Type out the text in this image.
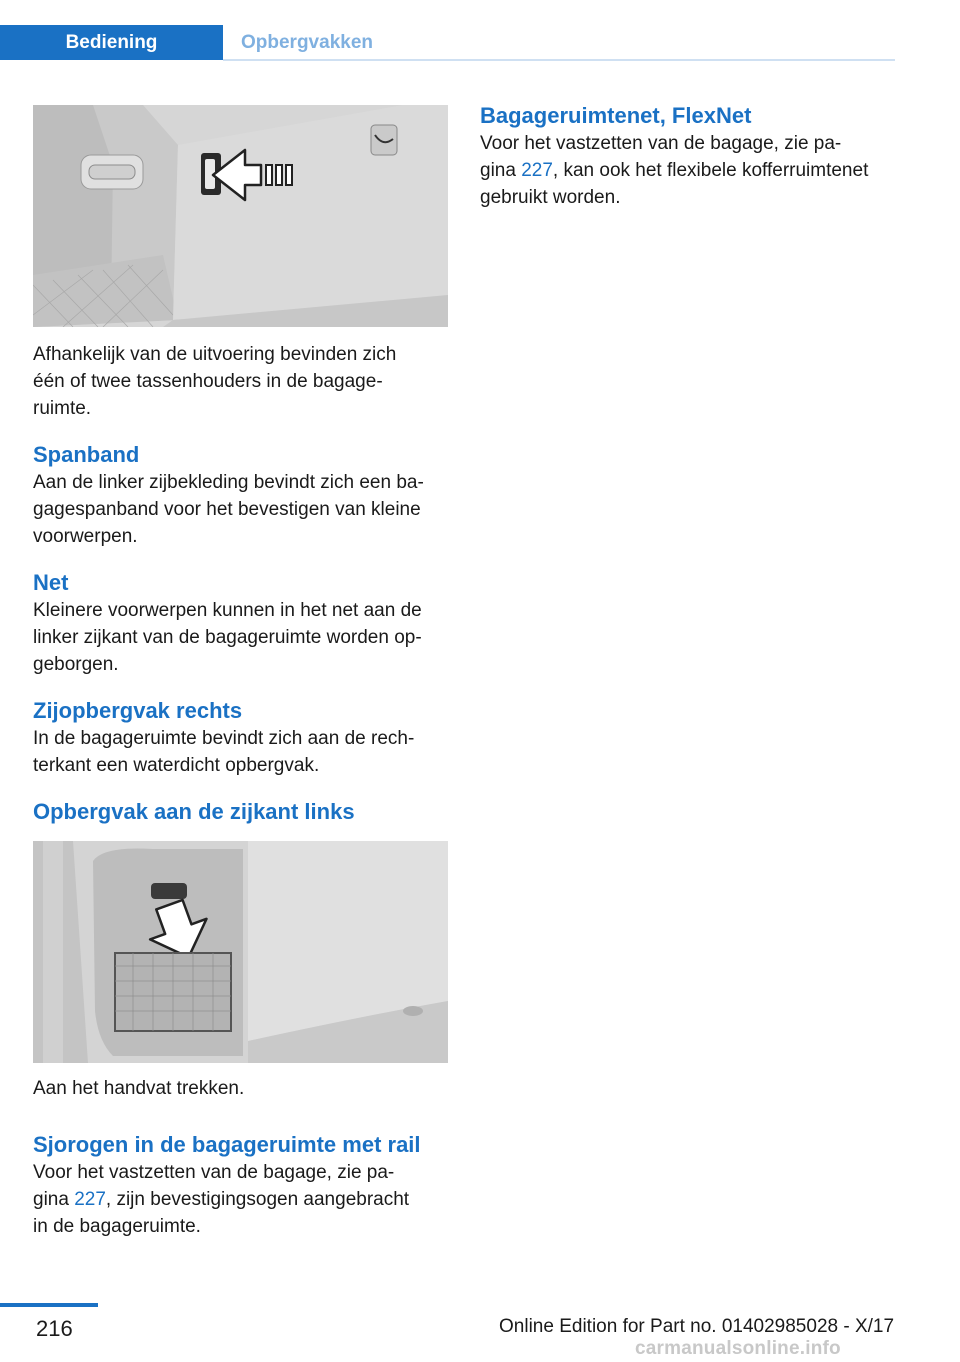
Bediening	Opbergvakken

Afhankelijk van de uitvoering bevinden zich
één of twee tassenhouders in de bagage-
ruimte.

Spanband

Aan de linker zijbekleding bevindt zich een ba-
gagespanband voor het bevestigen van kleine
voorwerpen.

Net

Kleinere voorwerpen kunnen in het net aan de
linker zijkant van de bagageruimte worden op-
geborgen.

Zijopbergvak rechts

In de bagageruimte bevindt zich aan de rech-
terkant een waterdicht opbergvak.

Opbergvak aan de zijkant links

Aan het handvat trekken.

Sjorogen in de bagageruimte met rail

Voor het vastzetten van de bagage, zie pa-
gina 227, zijn bevestigingsogen aangebracht
in de bagageruimte.

Bagageruimtenet, FlexNet

Voor het vastzetten van de bagage, zie pa-
gina 227, kan ook het flexibele kofferruimtenet
gebruikt worden.

216	Online Edition for Part no. 01402985028 - X/17
carmanualsonline.info
